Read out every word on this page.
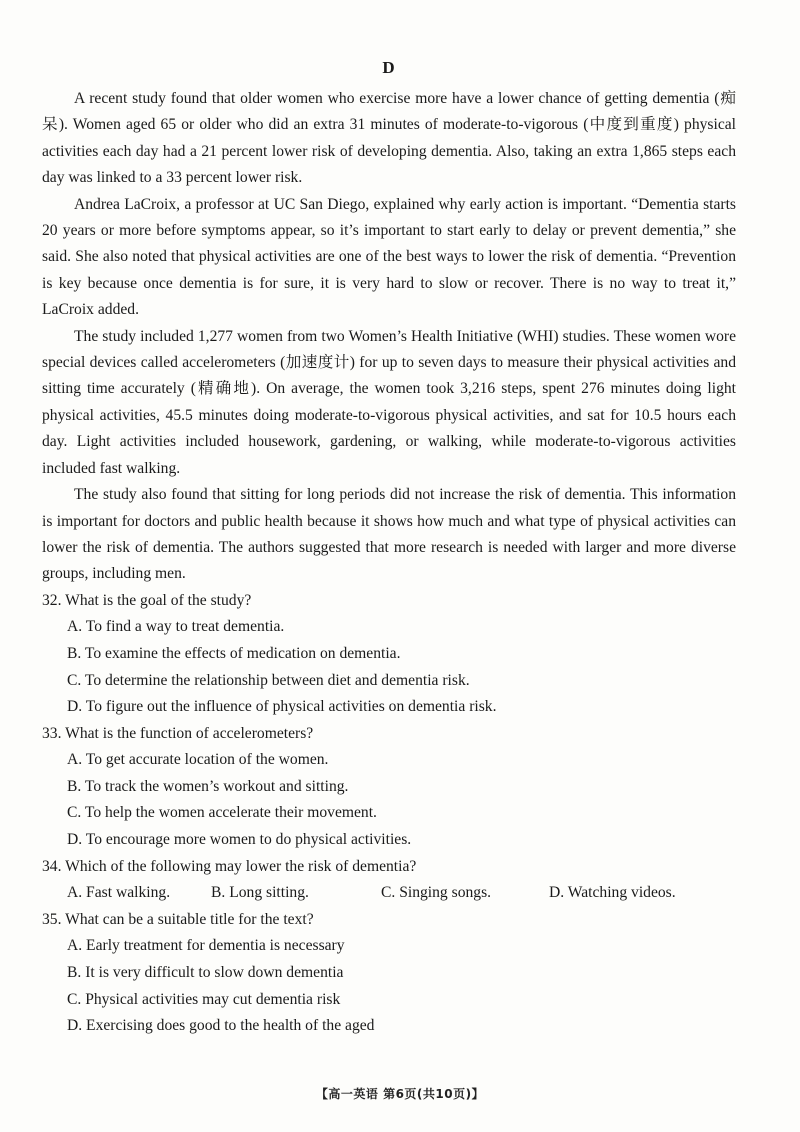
D

A recent study found that older women who exercise more have a lower chance of getting dementia (痴呆). Women aged 65 or older who did an extra 31 minutes of moderate-to-vigorous (中度到重度) physical activities each day had a 21 percent lower risk of developing dementia. Also, taking an extra 1,865 steps each day was linked to a 33 percent lower risk.

Andrea LaCroix, a professor at UC San Diego, explained why early action is important. “Dementia starts 20 years or more before symptoms appear, so it’s important to start early to delay or prevent dementia,” she said. She also noted that physical activities are one of the best ways to lower the risk of dementia. “Prevention is key because once dementia is for sure, it is very hard to slow or recover. There is no way to treat it,” LaCroix added.

The study included 1,277 women from two Women’s Health Initiative (WHI) studies. These women wore special devices called accelerometers (加速度计) for up to seven days to measure their physical activities and sitting time accurately (精确地). On average, the women took 3,216 steps, spent 276 minutes doing light physical activities, 45.5 minutes doing moderate-to-vigorous physical activities, and sat for 10.5 hours each day. Light activities included housework, gardening, or walking, while moderate-to-vigorous activities included fast walking.

The study also found that sitting for long periods did not increase the risk of dementia. This information is important for doctors and public health because it shows how much and what type of physical activities can lower the risk of dementia. The authors suggested that more research is needed with larger and more diverse groups, including men.

32. What is the goal of the study?

A. To find a way to treat dementia.

B. To examine the effects of medication on dementia.

C. To determine the relationship between diet and dementia risk.

D. To figure out the influence of physical activities on dementia risk.

33. What is the function of accelerometers?

A. To get accurate location of the women.

B. To track the women’s workout and sitting.

C. To help the women accelerate their movement.

D. To encourage more women to do physical activities.

34. Which of the following may lower the risk of dementia?

A. Fast walking.	B. Long sitting.	C. Singing songs.	D. Watching videos.

35. What can be a suitable title for the text?

A. Early treatment for dementia is necessary

B. It is very difficult to slow down dementia

C. Physical activities may cut dementia risk

D. Exercising does good to the health of the aged

【高一英语 第6页(共10页)】
